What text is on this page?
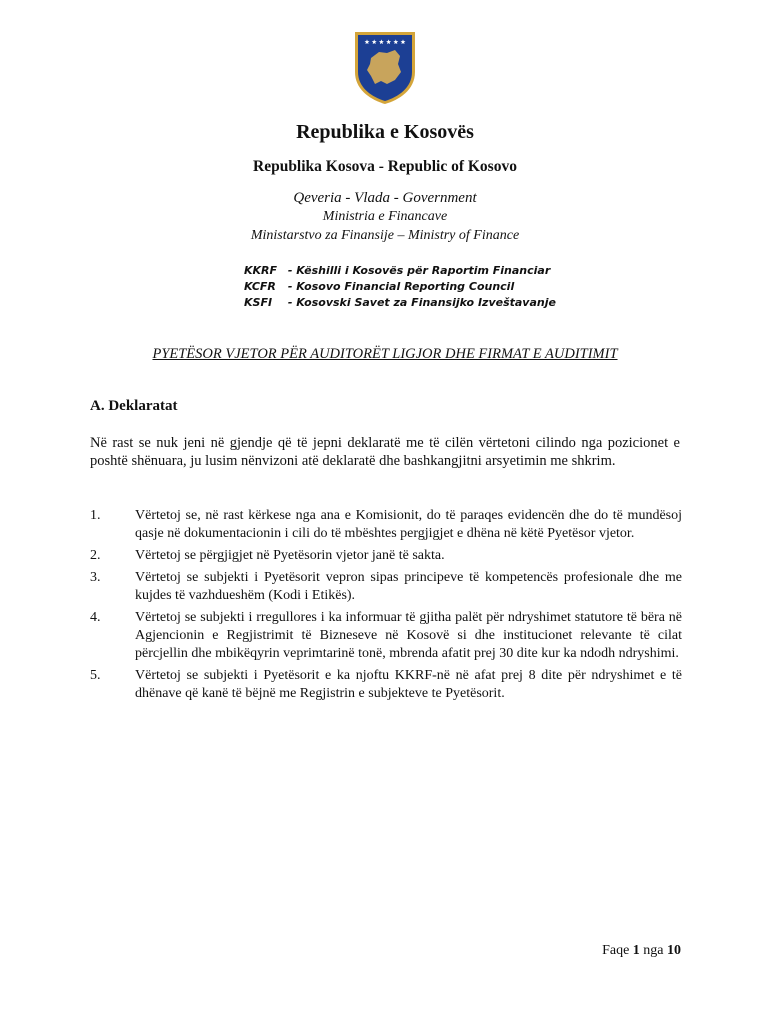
Republika e Kosovës
Republika Kosova - Republic of Kosovo
Qeveria - Vlada - Government
Ministria e Financave
Ministarstvo za Finansije – Ministry of Finance
KKRF - Këshilli i Kosovës për Raportim Financiar
KCFR - Kosovo Financial Reporting Council
KSFI - Kosovski Savet za Finansijko Izveštavanje
PYETËSOR VJETOR PËR AUDITORËT LIGJOR DHE FIRMAT E AUDITIMIT
A. Deklaratat
Në rast se nuk jeni në gjendje që të jepni deklaratë me të cilën vërtetoni cilindo nga pozicionet e poshtë shënuara, ju lusim nënvizoni atë deklaratë dhe bashkangjitni arsyetimin me shkrim.
1. Vërtetoj se, në rast kërkese nga ana e Komisionit, do të paraqes evidencën dhe do të mundësoj qasje në dokumentacionin i cili do të mbështes pergjigjet e dhëna në këtë Pyetësor vjetor.
2. Vërtetoj se përgjigjet në Pyetësorin vjetor janë të sakta.
3. Vërtetoj se subjekti i Pyetësorit vepron sipas principeve të kompetencës profesionale dhe me kujdes të vazhdueshëm (Kodi i Etikës).
4. Vërtetoj se subjekti i rregullores i ka informuar të gjitha palët për ndryshimet statutore të bëra në Agjencionin e Regjistrimit të Bizneseve në Kosovë si dhe institucionet relevante të cilat përcjellin dhe mbikëqyrin veprimtarinë tonë, mbrenda afatit prej 30 dite kur ka ndodh ndryshimi.
5. Vërtetoj se subjekti i Pyetësorit e ka njoftu KKRF-në në afat prej 8 dite për ndryshimet e të dhënave që kanë të bëjnë me Regjistrin e subjekteve te Pyetësorit.
Faqe 1 nga 10
